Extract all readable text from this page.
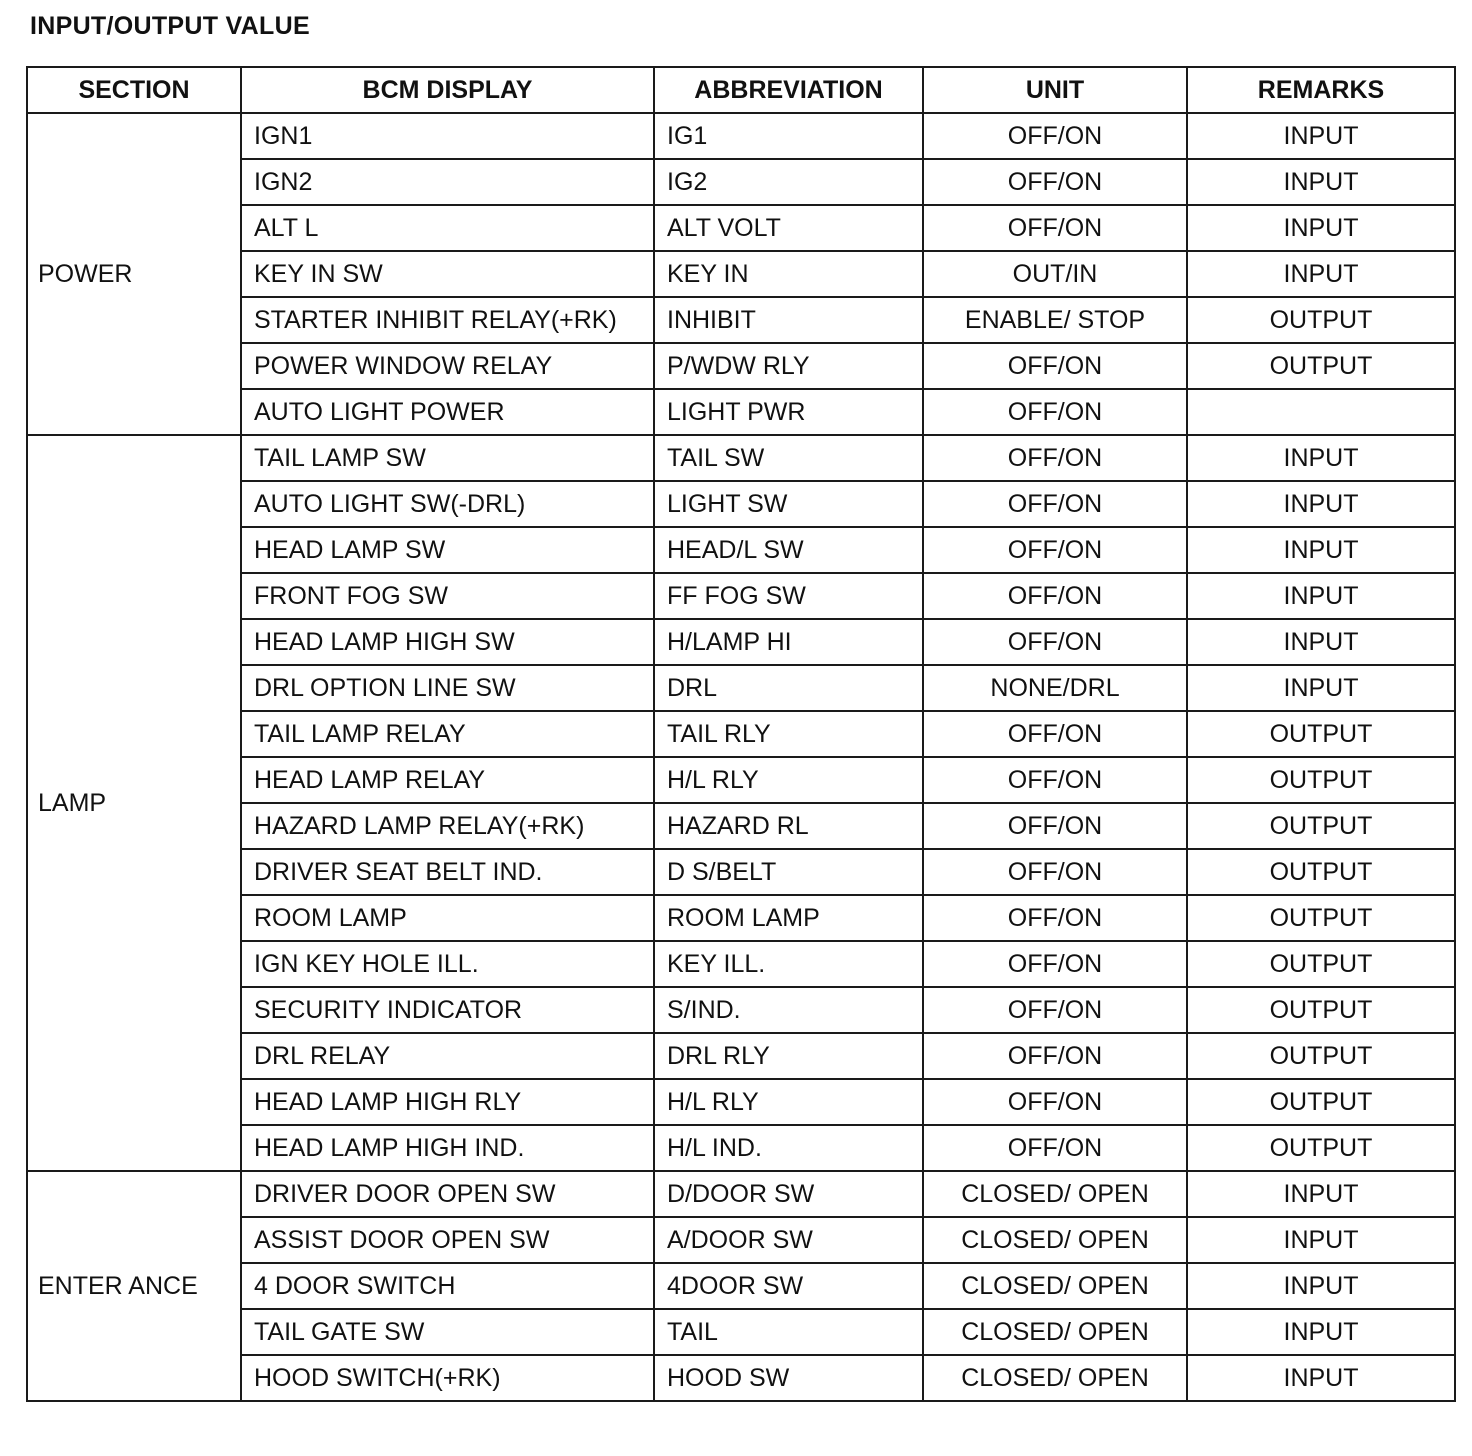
INPUT/OUTPUT VALUE
SECTION	BCM DISPLAY	ABBREVIATION	UNIT	REMARKS
POWER	IGN1	IG1	OFF/ON	INPUT
	IGN2	IG2	OFF/ON	INPUT
	ALT L	ALT VOLT	OFF/ON	INPUT
	KEY IN SW	KEY IN	OUT/IN	INPUT
	STARTER INHIBIT RELAY(+RK)	INHIBIT	ENABLE/ STOP	OUTPUT
	POWER WINDOW RELAY	P/WDW RLY	OFF/ON	OUTPUT
	AUTO LIGHT POWER	LIGHT PWR	OFF/ON	
LAMP	TAIL LAMP SW	TAIL SW	OFF/ON	INPUT
	AUTO LIGHT SW(-DRL)	LIGHT SW	OFF/ON	INPUT
	HEAD LAMP SW	HEAD/L SW	OFF/ON	INPUT
	FRONT FOG SW	FF FOG SW	OFF/ON	INPUT
	HEAD LAMP HIGH SW	H/LAMP HI	OFF/ON	INPUT
	DRL OPTION LINE SW	DRL	NONE/DRL	INPUT
	TAIL LAMP RELAY	TAIL RLY	OFF/ON	OUTPUT
	HEAD LAMP RELAY	H/L RLY	OFF/ON	OUTPUT
	HAZARD LAMP RELAY(+RK)	HAZARD RL	OFF/ON	OUTPUT
	DRIVER SEAT BELT IND.	D S/BELT	OFF/ON	OUTPUT
	ROOM LAMP	ROOM LAMP	OFF/ON	OUTPUT
	IGN KEY HOLE ILL.	KEY ILL.	OFF/ON	OUTPUT
	SECURITY INDICATOR	S/IND.	OFF/ON	OUTPUT
	DRL RELAY	DRL RLY	OFF/ON	OUTPUT
	HEAD LAMP HIGH RLY	H/L RLY	OFF/ON	OUTPUT
	HEAD LAMP HIGH IND.	H/L IND.	OFF/ON	OUTPUT
ENTER ANCE	DRIVER DOOR OPEN SW	D/DOOR SW	CLOSED/ OPEN	INPUT
	ASSIST DOOR OPEN SW	A/DOOR SW	CLOSED/ OPEN	INPUT
	4 DOOR SWITCH	4DOOR SW	CLOSED/ OPEN	INPUT
	TAIL GATE SW	TAIL	CLOSED/ OPEN	INPUT
	HOOD SWITCH(+RK)	HOOD SW	CLOSED/ OPEN	INPUT
